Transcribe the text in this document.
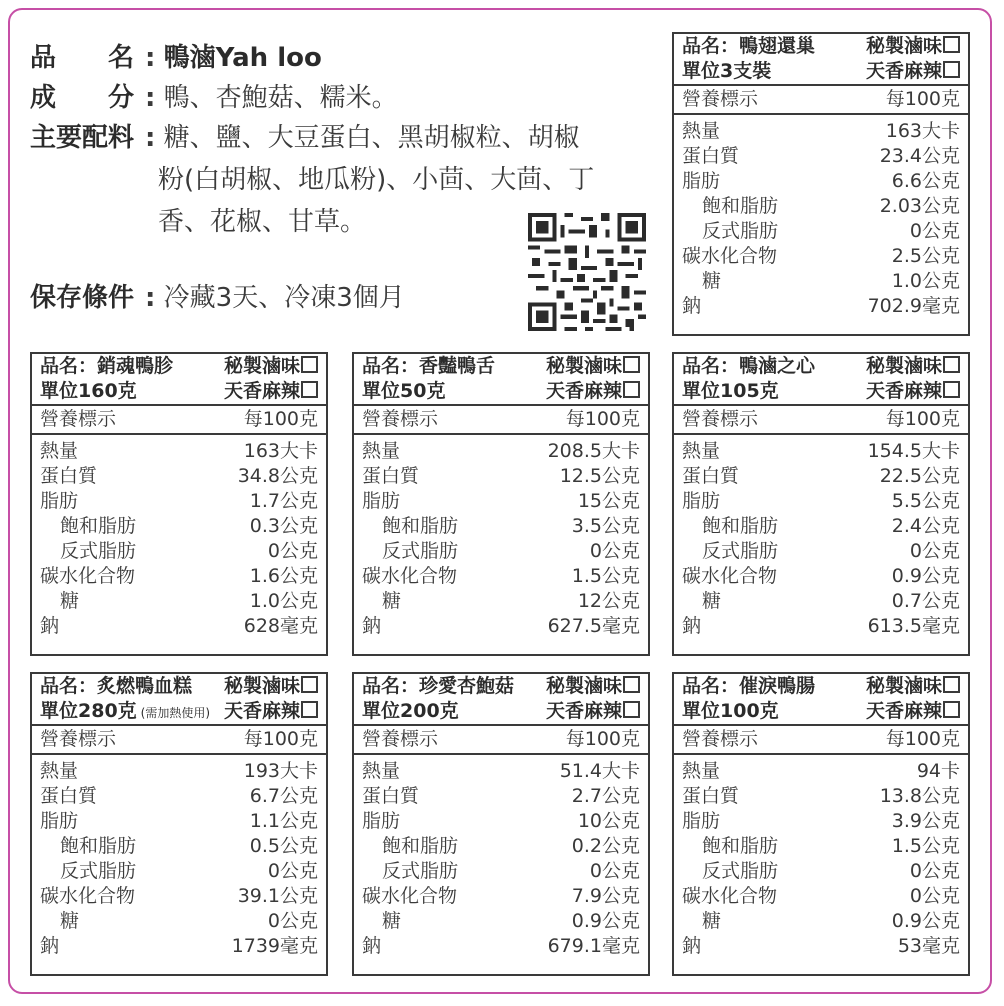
品　　名 : 鴨滷Yah loo
成　　分 : 鴨、杏鮑菇、糯米。
主要配料 : 糖、鹽、大豆蛋白、黑胡椒粒、胡椒
粉(白胡椒、地瓜粉)、小茴、大茴、丁
香、花椒、甘草。
保存條件 : 冷藏3天、冷凍3個月
品名：鴨翅還巢	秘製滷味
單位3支裝	天香麻辣
營養標示	每100克
熱量	163大卡
蛋白質	23.4公克
脂肪	6.6公克
飽和脂肪	2.03公克
反式脂肪	0公克
碳水化合物	2.5公克
糖	1.0公克
鈉	702.9毫克
品名：銷魂鴨胗	秘製滷味
單位160克	天香麻辣
營養標示	每100克
熱量	163大卡
蛋白質	34.8公克
脂肪	1.7公克
飽和脂肪	0.3公克
反式脂肪	0公克
碳水化合物	1.6公克
糖	1.0公克
鈉	628毫克
品名：香豔鴨舌	秘製滷味
單位50克	天香麻辣
營養標示	每100克
熱量	208.5大卡
蛋白質	12.5公克
脂肪	15公克
飽和脂肪	3.5公克
反式脂肪	0公克
碳水化合物	1.5公克
糖	12公克
鈉	627.5毫克
品名：鴨滷之心	秘製滷味
單位105克	天香麻辣
營養標示	每100克
熱量	154.5大卡
蛋白質	22.5公克
脂肪	5.5公克
飽和脂肪	2.4公克
反式脂肪	0公克
碳水化合物	0.9公克
糖	0.7公克
鈉	613.5毫克
品名：炙燃鴨血糕 秘製滷味
單位280克 (需加熱使用) 天香麻辣
營養標示	每100克
熱量	193大卡
蛋白質	6.7公克
脂肪	1.1公克
飽和脂肪	0.5公克
反式脂肪	0公克
碳水化合物	39.1公克
糖	0公克
鈉	1739毫克
品名：珍愛杏鮑菇 秘製滷味
單位200克	天香麻辣
營養標示	每100克
熱量	51.4大卡
蛋白質	2.7公克
脂肪	10公克
飽和脂肪	0.2公克
反式脂肪	0公克
碳水化合物	7.9公克
糖	0.9公克
鈉	679.1毫克
品名：催淚鴨腸	秘製滷味
單位100克	天香麻辣
營養標示	每100克
熱量	94卡
蛋白質	13.8公克
脂肪	3.9公克
飽和脂肪	1.5公克
反式脂肪	0公克
碳水化合物	0公克
糖	0.9公克
鈉	53毫克
